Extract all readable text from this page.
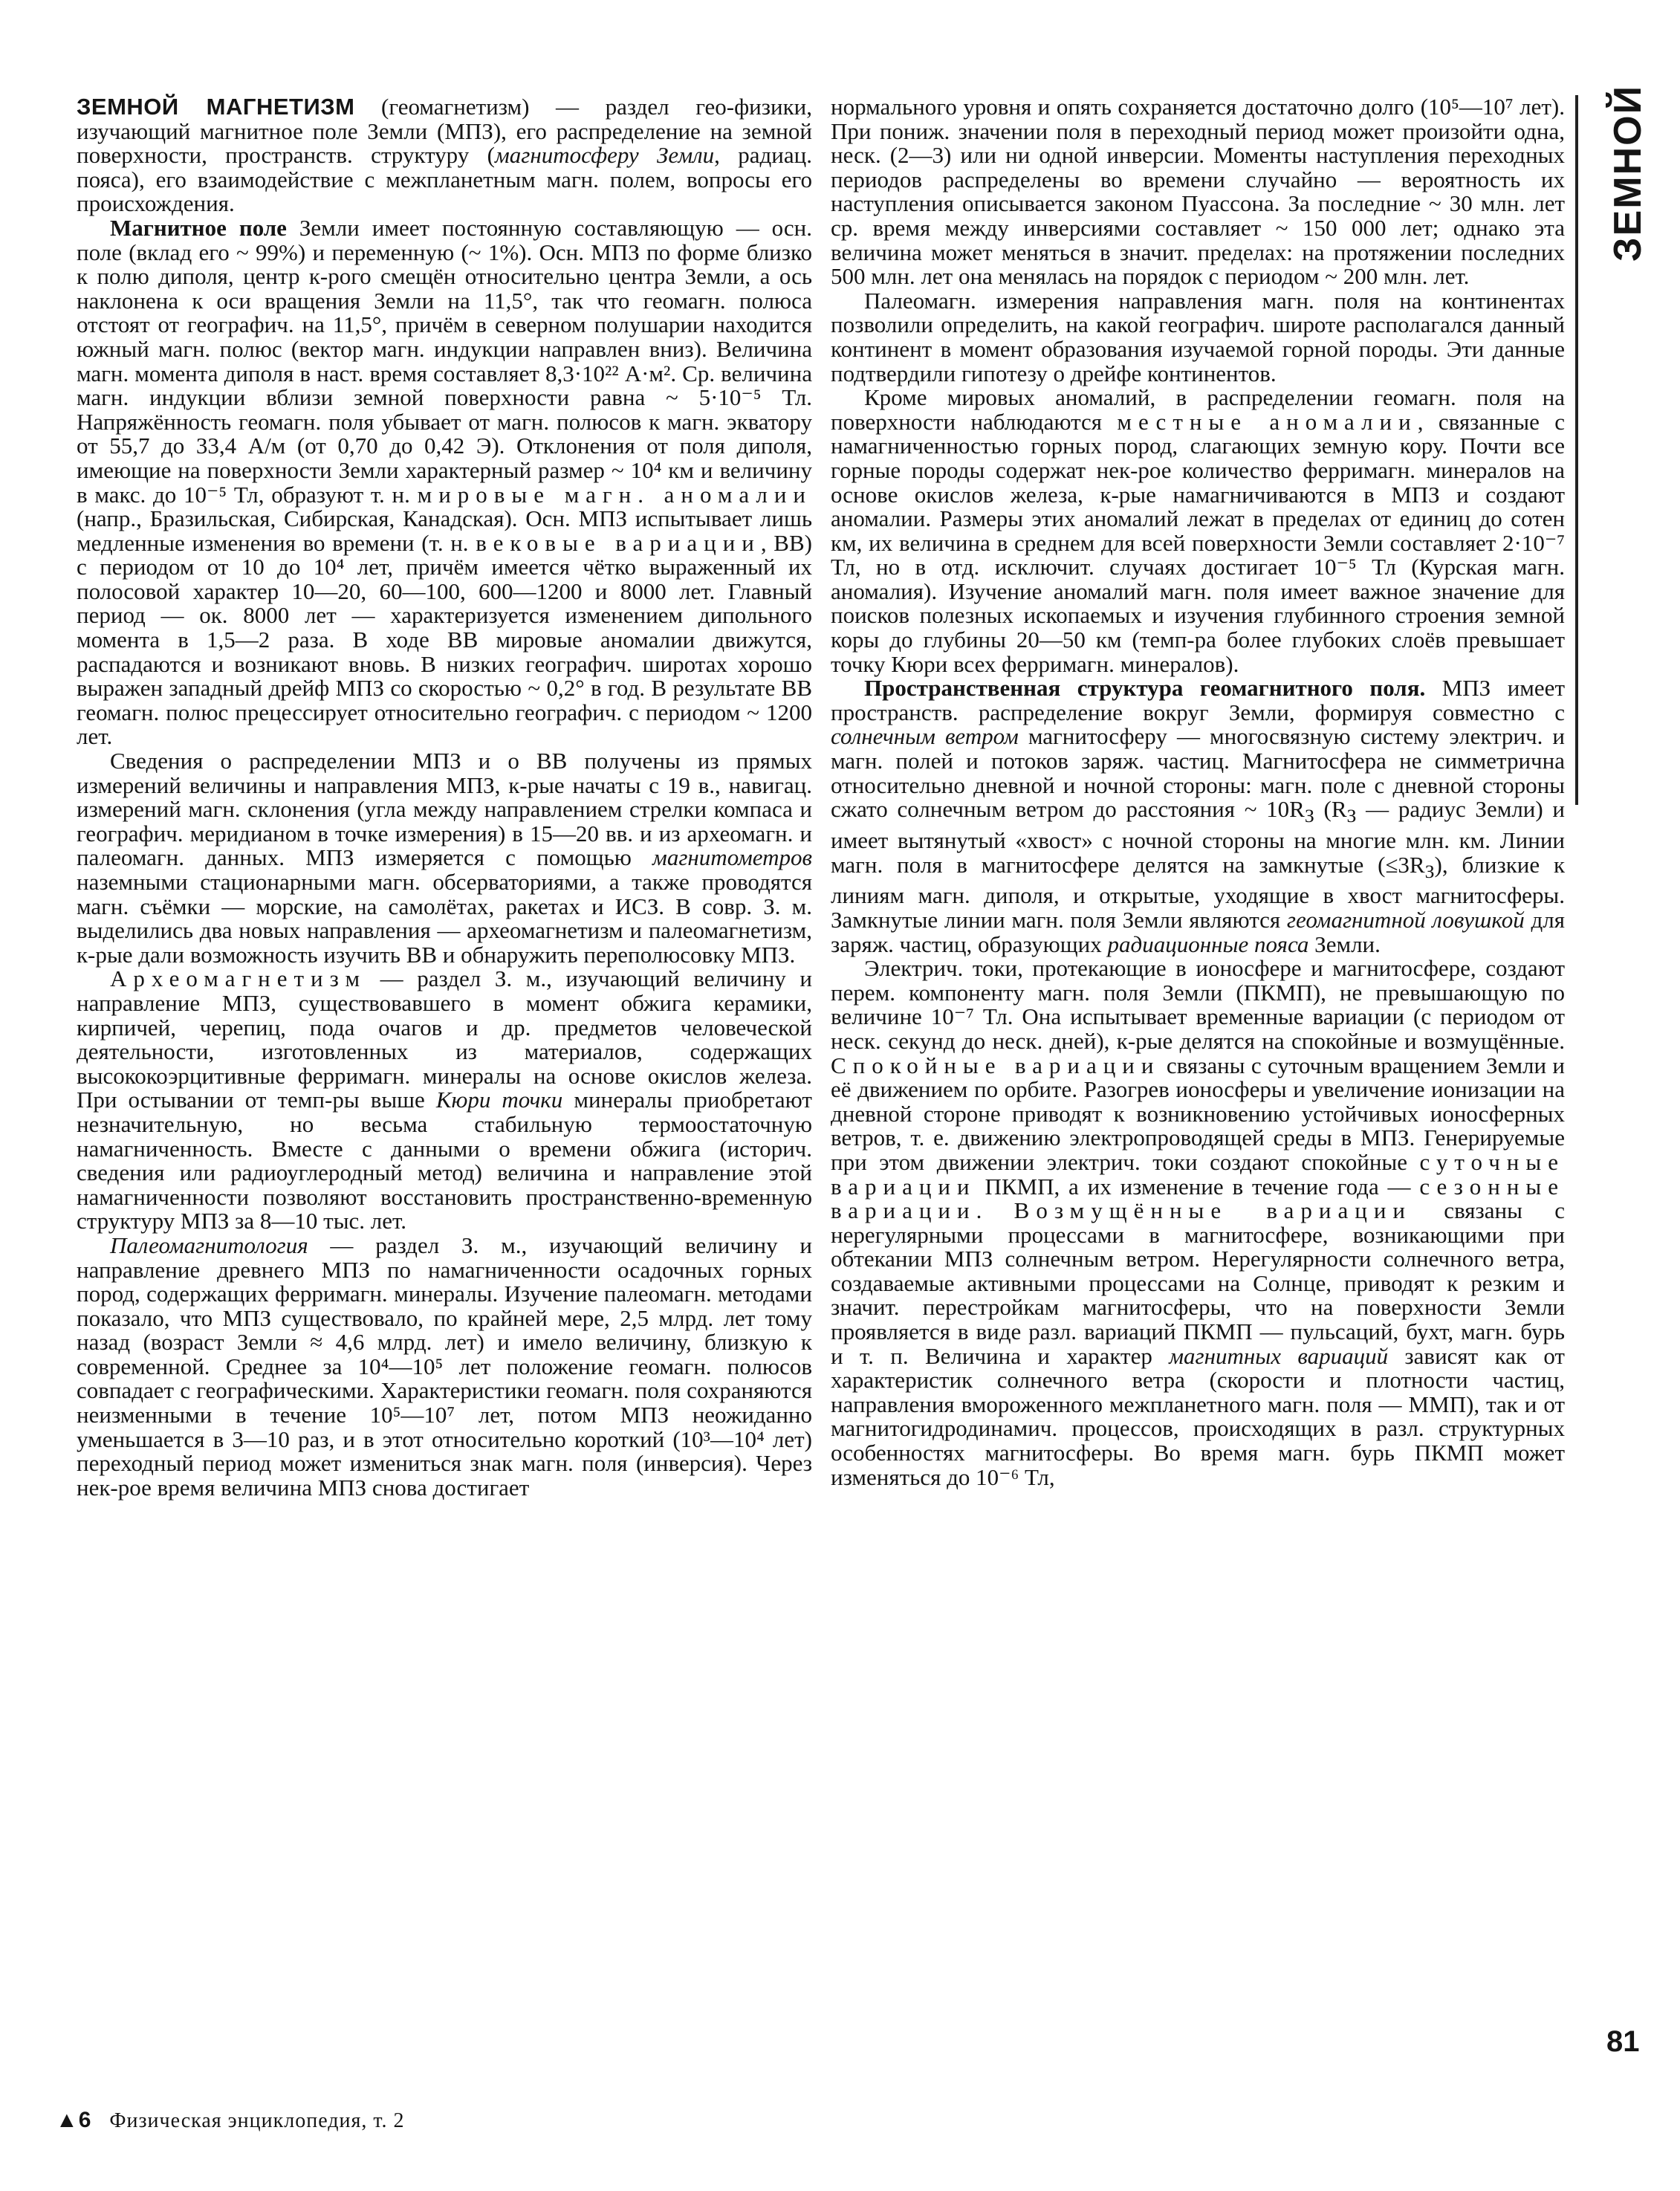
ЗЕМНОЙ

ЗЕМНОЙ МАГНЕТИЗМ (геомагнетизм) — раздел гео-физики, изучающий магнитное поле Земли (МПЗ), его распределение на земной поверхности, пространств. структуру (магнитосферу Земли, радиац. пояса), его взаимодействие с межпланетным магн. полем, вопросы его происхождения.

Магнитное поле Земли имеет постоянную составляющую — осн. поле (вклад его ~ 99%) и переменную (~ 1%). Осн. МПЗ по форме близко к полю диполя, центр к-рого смещён относительно центра Земли, а ось наклонена к оси вращения Земли на 11,5°, так что геомагн. полюса отстоят от географич. на 11,5°, причём в северном полушарии находится южный магн. полюс (вектор магн. индукции направлен вниз). Величина магн. момента диполя в наст. время составляет 8,3·10²² А·м². Ср. величина магн. индукции вблизи земной поверхности равна ~ 5·10⁻⁵ Тл. Напряжённость геомагн. поля убывает от магн. полюсов к магн. экватору от 55,7 до 33,4 А/м (от 0,70 до 0,42 Э). Отклонения от поля диполя, имеющие на поверхности Земли характерный размер ~ 10⁴ км и величину в макс. до 10⁻⁵ Тл, образуют т. н. мировые магн. аномалии (напр., Бразильская, Сибирская, Канадская). Осн. МПЗ испытывает лишь медленные изменения во времени (т. н. вековые вариации, ВВ) с периодом от 10 до 10⁴ лет, причём имеется чётко выраженный их полосовой характер 10—20, 60—100, 600—1200 и 8000 лет. Главный период — ок. 8000 лет — характеризуется изменением дипольного момента в 1,5—2 раза. В ходе ВВ мировые аномалии движутся, распадаются и возникают вновь. В низких географич. широтах хорошо выражен западный дрейф МПЗ со скоростью ~ 0,2° в год. В результате ВВ геомагн. полюс прецессирует относительно географич. с периодом ~ 1200 лет.

Сведения о распределении МПЗ и о ВВ получены из прямых измерений величины и направления МПЗ, к-рые начаты с 19 в., навигац. измерений магн. склонения (угла между направлением стрелки компаса и географич. меридианом в точке измерения) в 15—20 вв. и из археомагн. и палеомагн. данных. МПЗ измеряется с помощью магнитометров наземными стационарными магн. обсерваториями, а также проводятся магн. съёмки — морские, на самолётах, ракетах и ИСЗ. В совр. З. м. выделились два новых направления — археомагнетизм и палеомагнетизм, к-рые дали возможность изучить ВВ и обнаружить переполюсовку МПЗ.

Археомагнетизм — раздел З. м., изучающий величину и направление МПЗ, существовавшего в момент обжига керамики, кирпичей, черепиц, пода очагов и др. предметов человеческой деятельности, изготовленных из материалов, содержащих высококоэрцитивные ферримагн. минералы на основе окислов железа. При остывании от темп-ры выше Кюри точки минералы приобретают незначительную, но весьма стабильную термоостаточную намагниченность. Вместе с данными о времени обжига (историч. сведения или радиоуглеродный метод) величина и направление этой намагниченности позволяют восстановить пространственно-временную структуру МПЗ за 8—10 тыс. лет.

Палеомагнитология — раздел З. м., изучающий величину и направление древнего МПЗ по намагниченности осадочных горных пород, содержащих ферримагн. минералы. Изучение палеомагн. методами показало, что МПЗ существовало, по крайней мере, 2,5 млрд. лет тому назад (возраст Земли ≈ 4,6 млрд. лет) и имело величину, близкую к современной. Среднее за 10⁴—10⁵ лет положение геомагн. полюсов совпадает с географическими. Характеристики геомагн. поля сохраняются неизменными в течение 10⁵—10⁷ лет, потом МПЗ неожиданно уменьшается в 3—10 раз, и в этот относительно короткий (10³—10⁴ лет) переходный период может измениться знак магн. поля (инверсия). Через нек-рое время величина МПЗ снова достигает

нормального уровня и опять сохраняется достаточно долго (10⁵—10⁷ лет). При пониж. значении поля в переходный период может произойти одна, неск. (2—3) или ни одной инверсии. Моменты наступления переходных периодов распределены во времени случайно — вероятность их наступления описывается законом Пуассона. За последние ~ 30 млн. лет ср. время между инверсиями составляет ~ 150 000 лет; однако эта величина может меняться в значит. пределах: на протяжении последних 500 млн. лет она менялась на порядок с периодом ~ 200 млн. лет.

Палеомагн. измерения направления магн. поля на континентах позволили определить, на какой географич. широте располагался данный континент в момент образования изучаемой горной породы. Эти данные подтвердили гипотезу о дрейфе континентов.

Кроме мировых аномалий, в распределении геомагн. поля на поверхности наблюдаются местные аномалии, связанные с намагниченностью горных пород, слагающих земную кору. Почти все горные породы содержат нек-рое количество ферримагн. минералов на основе окислов железа, к-рые намагничиваются в МПЗ и создают аномалии. Размеры этих аномалий лежат в пределах от единиц до сотен км, их величина в среднем для всей поверхности Земли составляет 2·10⁻⁷ Тл, но в отд. исключит. случаях достигает 10⁻⁵ Тл (Курская магн. аномалия). Изучение аномалий магн. поля имеет важное значение для поисков полезных ископаемых и изучения глубинного строения земной коры до глубины 20—50 км (темп-ра более глубоких слоёв превышает точку Кюри всех ферримагн. минералов).

Пространственная структура геомагнитного поля. МПЗ имеет пространств. распределение вокруг Земли, формируя совместно с солнечным ветром магнитосферу — многосвязную систему электрич. и магн. полей и потоков заряж. частиц. Магнитосфера не симметрична относительно дневной и ночной стороны: магн. поле с дневной стороны сжато солнечным ветром до расстояния ~ $10R_З$ ($R_З$ — радиус Земли) и имеет вытянутый «хвост» с ночной стороны на многие млн. км. Линии магн. поля в магнитосфере делятся на замкнутые $(\le 3R_З)$, близкие к линиям магн. диполя, и открытые, уходящие в хвост магнитосферы. Замкнутые линии магн. поля Земли являются геомагнитной ловушкой для заряж. частиц, образующих радиационные пояса Земли.

Электрич. токи, протекающие в ионосфере и магнитосфере, создают перем. компоненту магн. поля Земли (ПКМП), не превышающую по величине 10⁻⁷ Тл. Она испытывает временные вариации (с периодом от неск. секунд до неск. дней), к-рые делятся на спокойные и возмущённые. Спокойные вариации связаны с суточным вращением Земли и её движением по орбите. Разогрев ионосферы и увеличение ионизации на дневной стороне приводят к возникновению устойчивых ионосферных ветров, т. е. движению электропроводящей среды в МПЗ. Генерируемые при этом движении электрич. токи создают спокойные суточные вариации ПКМП, а их изменение в течение года — сезонные вариации. Возмущённые вариации связаны с нерегулярными процессами в магнитосфере, возникающими при обтекании МПЗ солнечным ветром. Нерегулярности солнечного ветра, создаваемые активными процессами на Солнце, приводят к резким и значит. перестройкам магнитосферы, что на поверхности Земли проявляется в виде разл. вариаций ПКМП — пульсаций, бухт, магн. бурь и т. п. Величина и характер магнитных вариаций зависят как от характеристик солнечного ветра (скорости и плотности частиц, направления вмороженного межпланетного магн. поля — ММП), так и от магнитогидродинамич. процессов, происходящих в разл. структурных особенностях магнитосферы. Во время магн. бурь ПКМП может изменяться до 10⁻⁶ Тл,

81
▲6 Физическая энциклопедия, т. 2
